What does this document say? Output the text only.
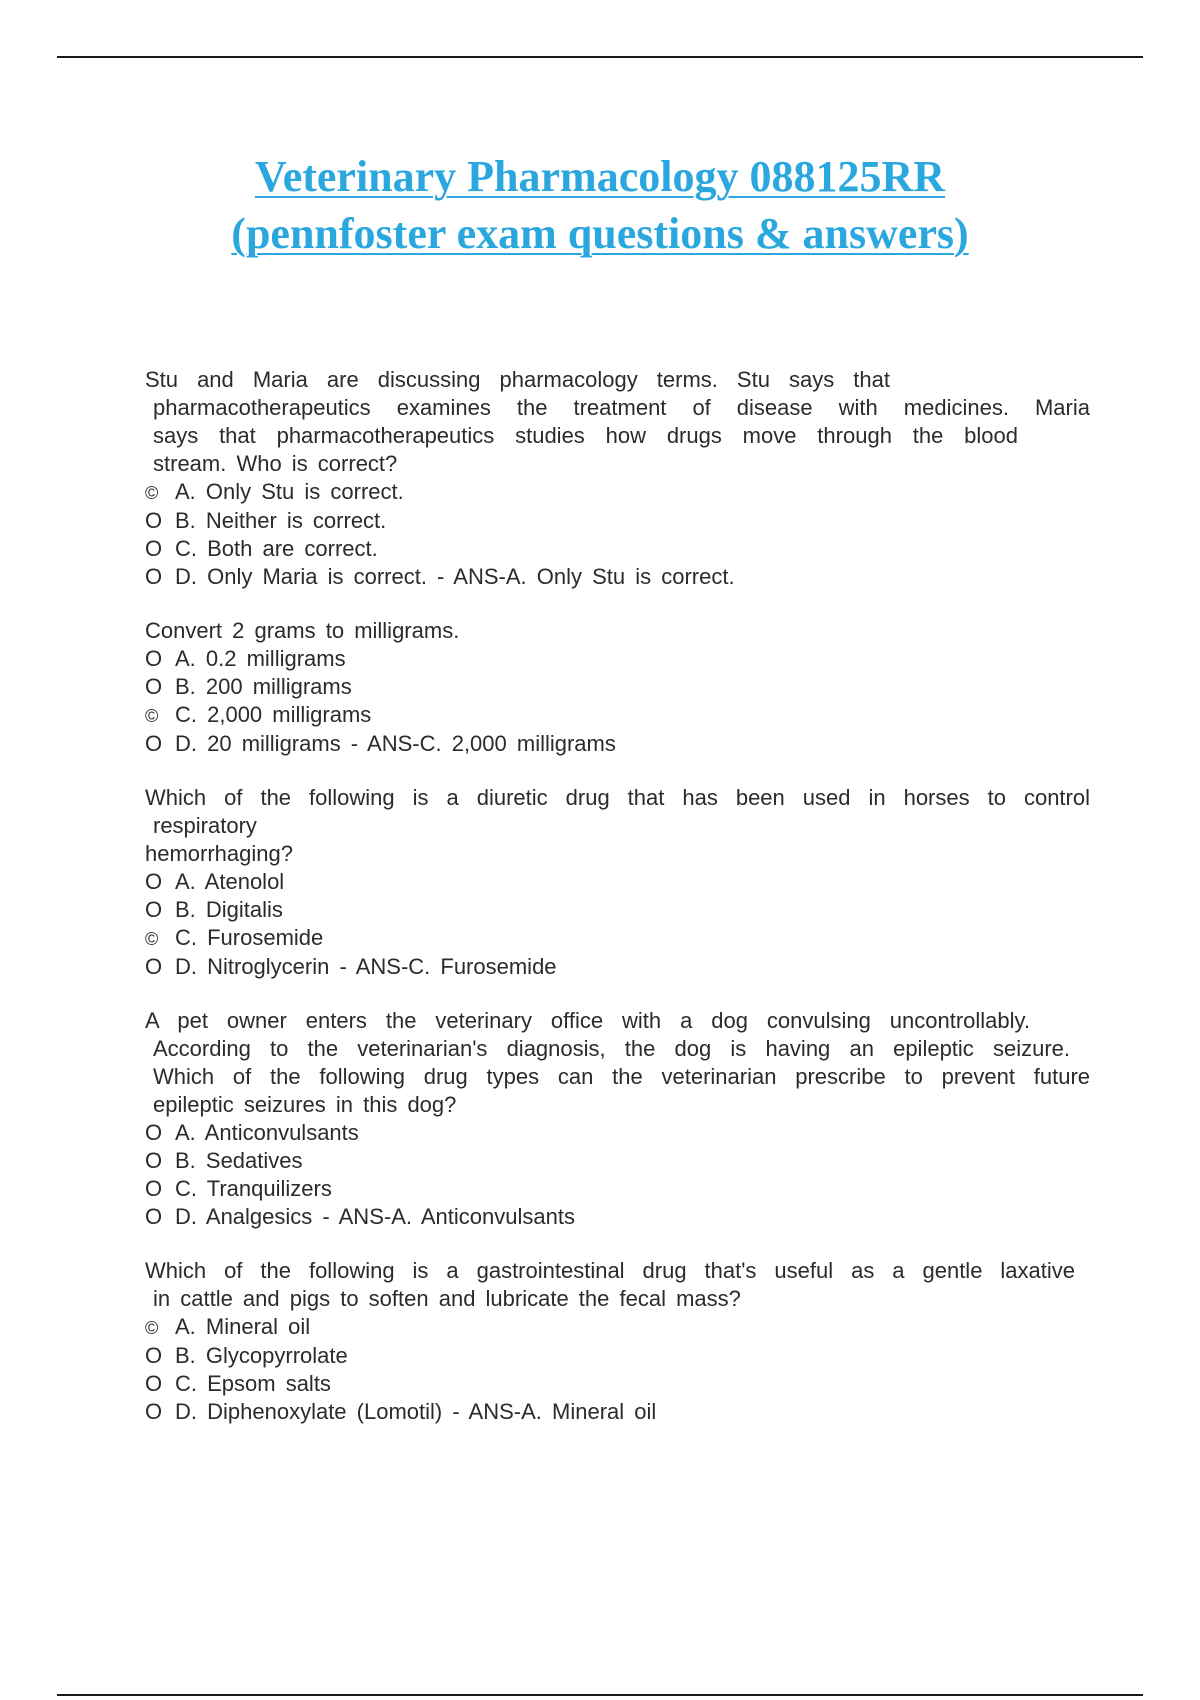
Veterinary Pharmacology 088125RR
(pennfoster exam questions & answers)
Stu and Maria are discussing pharmacology terms. Stu says that
pharmacotherapeutics examines the treatment of disease with medicines. Maria
says that pharmacotherapeutics studies how drugs move through the blood
stream. Who is correct?
© A. Only Stu is correct.
O B. Neither is correct.
O C. Both are correct.
O D. Only Maria is correct. - ANS-A. Only Stu is correct.
Convert 2 grams to milligrams.
O A. 0.2 milligrams
O B. 200 milligrams
© C. 2,000 milligrams
O D. 20 milligrams - ANS-C. 2,000 milligrams
Which of the following is a diuretic drug that has been used in horses to control
respiratory
hemorrhaging?
O A. Atenolol
O B. Digitalis
© C. Furosemide
O D. Nitroglycerin - ANS-C. Furosemide
A pet owner enters the veterinary office with a dog convulsing uncontrollably.
According to the veterinarian's diagnosis, the dog is having an epileptic seizure.
Which of the following drug types can the veterinarian prescribe to prevent future
epileptic seizures in this dog?
O A. Anticonvulsants
O B. Sedatives
O C. Tranquilizers
O D. Analgesics - ANS-A. Anticonvulsants
Which of the following is a gastrointestinal drug that's useful as a gentle laxative
in cattle and pigs to soften and lubricate the fecal mass?
© A. Mineral oil
O B. Glycopyrrolate
O C. Epsom salts
O D. Diphenoxylate (Lomotil) - ANS-A. Mineral oil
